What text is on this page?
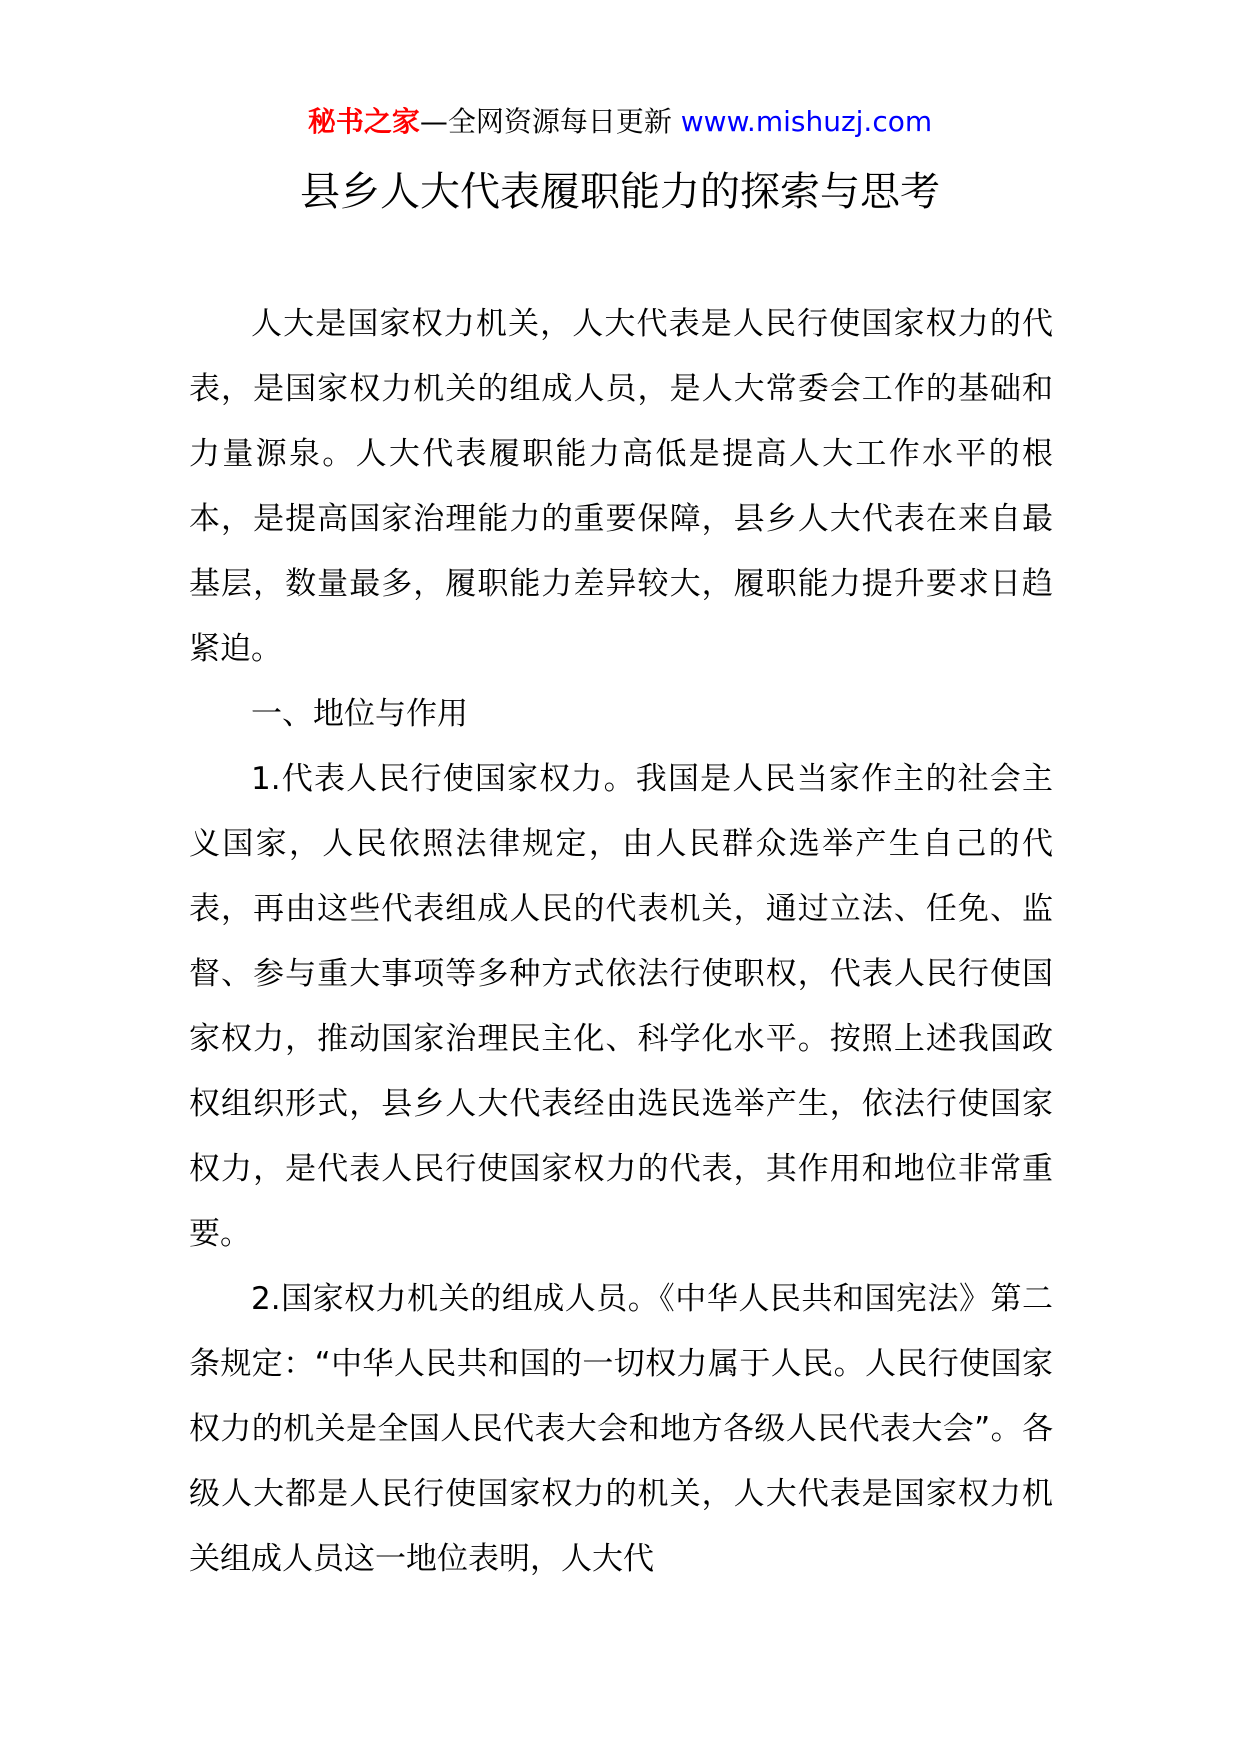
秘书之家—全网资源每日更新 www.mishuzj.com
县乡人大代表履职能力的探索与思考

人大是国家权力机关，人大代表是人民行使国家权力的代表，是国家权力机关的组成人员，是人大常委会工作的基础和力量源泉。人大代表履职能力高低是提高人大工作水平的根本，是提高国家治理能力的重要保障，县乡人大代表在来自最基层，数量最多，履职能力差异较大，履职能力提升要求日趋紧迫。

一、地位与作用

1.代表人民行使国家权力。我国是人民当家作主的社会主义国家，人民依照法律规定，由人民群众选举产生自己的代表，再由这些代表组成人民的代表机关，通过立法、任免、监督、参与重大事项等多种方式依法行使职权，代表人民行使国家权力，推动国家治理民主化、科学化水平。按照上述我国政权组织形式，县乡人大代表经由选民选举产生，依法行使国家权力，是代表人民行使国家权力的代表，其作用和地位非常重要。

2.国家权力机关的组成人员。《中华人民共和国宪法》第二条规定：“中华人民共和国的一切权力属于人民。人民行使国家权力的机关是全国人民代表大会和地方各级人民代表大会”。各级人大都是人民行使国家权力的机关，人大代表是国家权力机关组成人员这一地位表明，人大代
